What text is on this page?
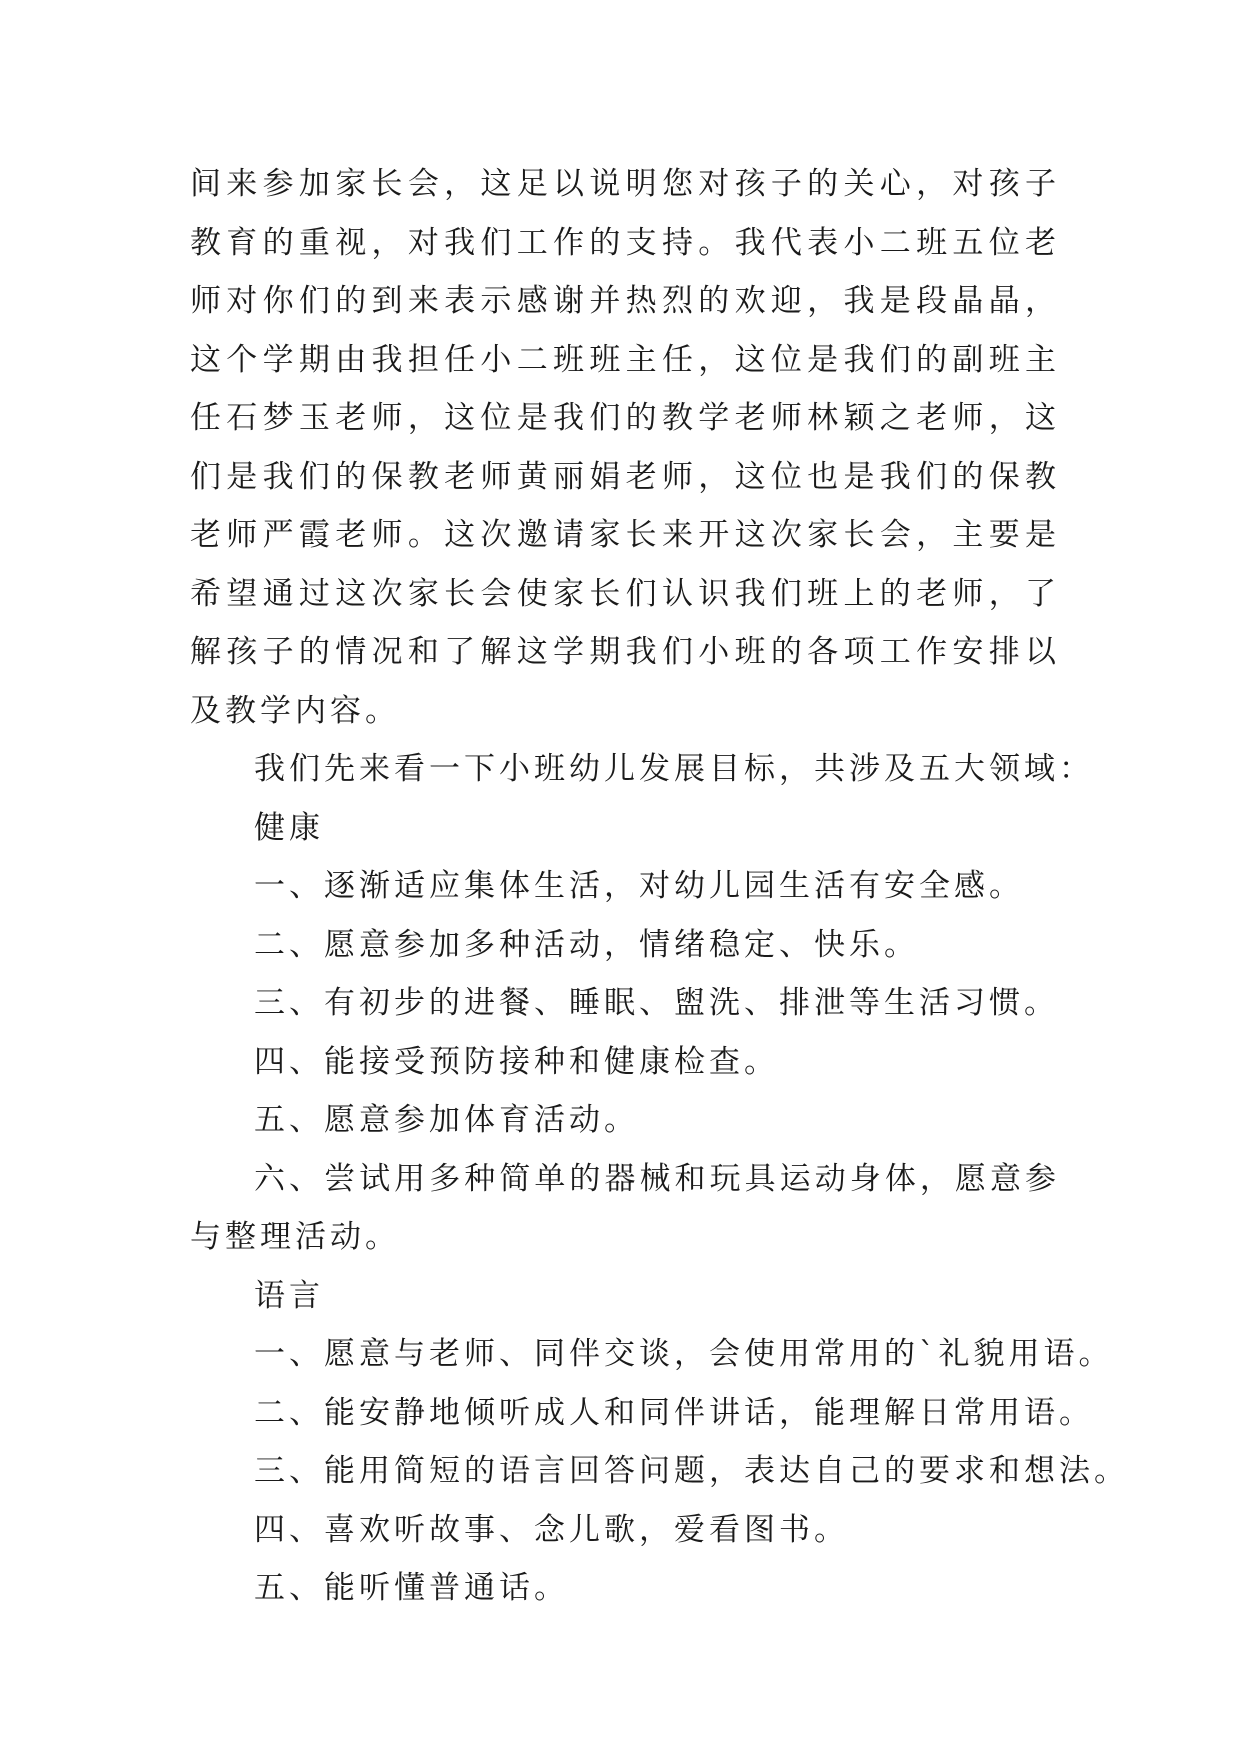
间来参加家长会，这足以说明您对孩子的关心，对孩子教育的重视，对我们工作的支持。我代表小二班五位老师对你们的到来表示感谢并热烈的欢迎，我是段晶晶，这个学期由我担任小二班班主任，这位是我们的副班主任石梦玉老师，这位是我们的教学老师林颖之老师，这们是我们的保教老师黄丽娟老师，这位也是我们的保教老师严霞老师。这次邀请家长来开这次家长会，主要是希望通过这次家长会使家长们认识我们班上的老师，了解孩子的情况和了解这学期我们小班的各项工作安排以及教学内容。

我们先来看一下小班幼儿发展目标，共涉及五大领域：

健康

一、逐渐适应集体生活，对幼儿园生活有安全感。

二、愿意参加多种活动，情绪稳定、快乐。

三、有初步的进餐、睡眠、盥洗、排泄等生活习惯。

四、能接受预防接种和健康检查。

五、愿意参加体育活动。

六、尝试用多种简单的器械和玩具运动身体，愿意参与整理活动。

语言

一、愿意与老师、同伴交谈，会使用常用的`礼貌用语。

二、能安静地倾听成人和同伴讲话，能理解日常用语。

三、能用简短的语言回答问题，表达自己的要求和想法。

四、喜欢听故事、念儿歌，爱看图书。

五、能听懂普通话。
